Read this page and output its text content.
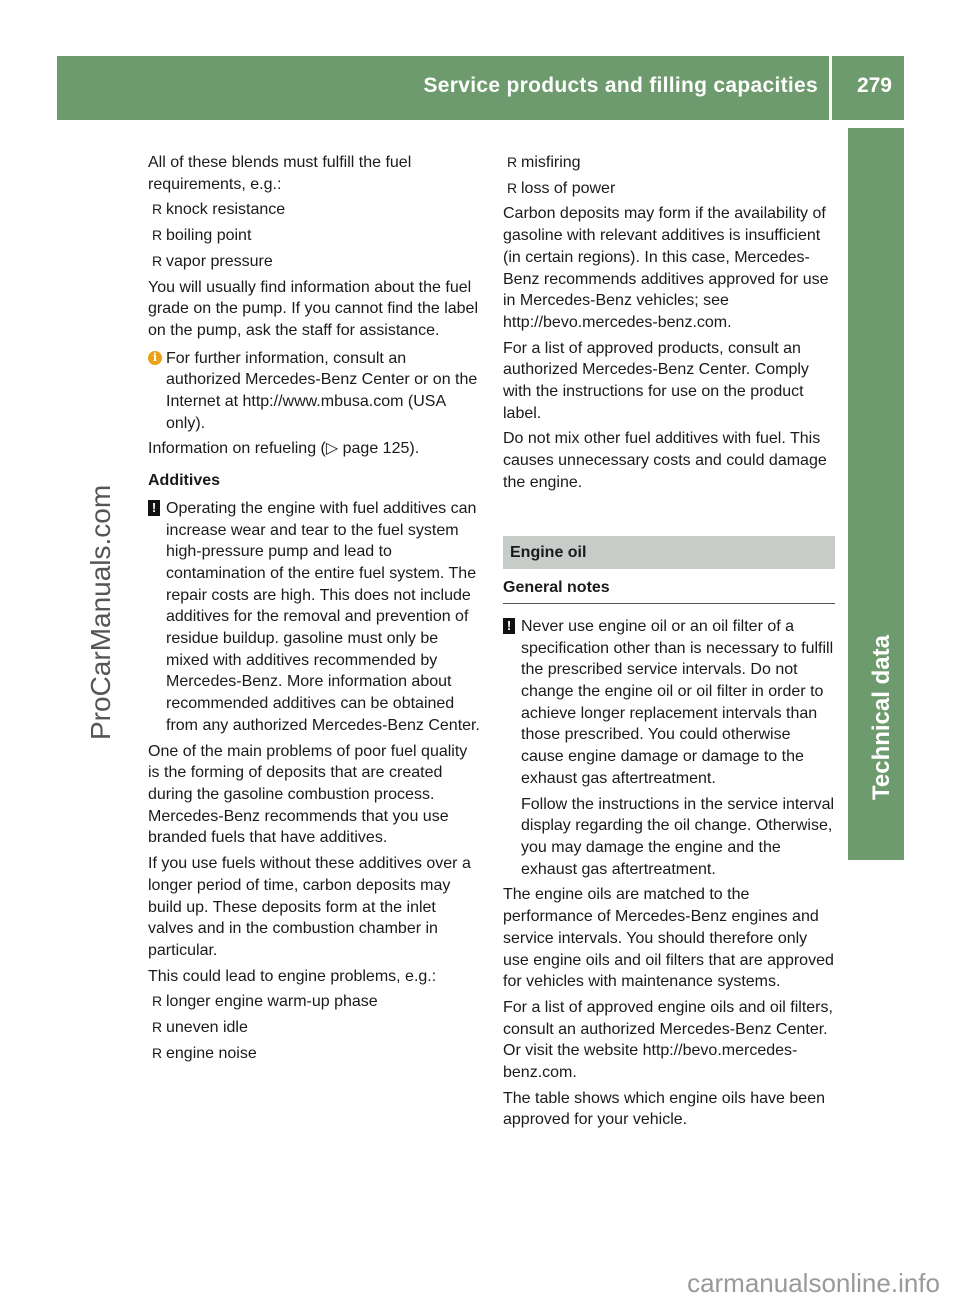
Service products and filling capacities 279
ProCarManuals.com	Technical data

All of these blends must fulfill the fuel requirements, e.g.:

R knock resistance
R boiling point
R vapor pressure

You will usually find information about the fuel grade on the pump. If you cannot find the label on the pump, ask the staff for assistance.

i For further information, consult an authorized Mercedes-Benz Center or on the Internet at http://www.mbusa.com (USA only).

Information on refueling (▷ page 125).

Additives
! Operating the engine with fuel additives can increase wear and tear to the fuel system high-pressure pump and lead to contamination of the entire fuel system. The repair costs are high. This does not include additives for the removal and prevention of residue buildup. gasoline must only be mixed with additives recommended by Mercedes-Benz. More information about recommended additives can be obtained from any authorized Mercedes-Benz Center.

One of the main problems of poor fuel quality is the forming of deposits that are created during the gasoline combustion process. Mercedes-Benz recommends that you use branded fuels that have additives.

If you use fuels without these additives over a longer period of time, carbon deposits may build up. These deposits form at the inlet valves and in the combustion chamber in particular.

This could lead to engine problems, e.g.:

R longer engine warm-up phase
R uneven idle
R engine noise
R misfiring
R loss of power

Carbon deposits may form if the availability of gasoline with relevant additives is insufficient (in certain regions). In this case, Mercedes-Benz recommends additives approved for use in Mercedes-Benz vehicles; see http://bevo.mercedes-benz.com.

For a list of approved products, consult an authorized Mercedes-Benz Center. Comply with the instructions for use on the product label.

Do not mix other fuel additives with fuel. This causes unnecessary costs and could damage the engine.

Engine oil
General notes
! Never use engine oil or an oil filter of a specification other than is necessary to fulfill the prescribed service intervals. Do not change the engine oil or oil filter in order to achieve longer replacement intervals than those prescribed. You could otherwise cause engine damage or damage to the exhaust gas aftertreatment.

Follow the instructions in the service interval display regarding the oil change. Otherwise, you may damage the engine and the exhaust gas aftertreatment.

The engine oils are matched to the performance of Mercedes-Benz engines and service intervals. You should therefore only use engine oils and oil filters that are approved for vehicles with maintenance systems.

For a list of approved engine oils and oil filters, consult an authorized Mercedes-Benz Center. Or visit the website http://bevo.mercedes-benz.com.

The table shows which engine oils have been approved for your vehicle.

carmanualsonline.info
